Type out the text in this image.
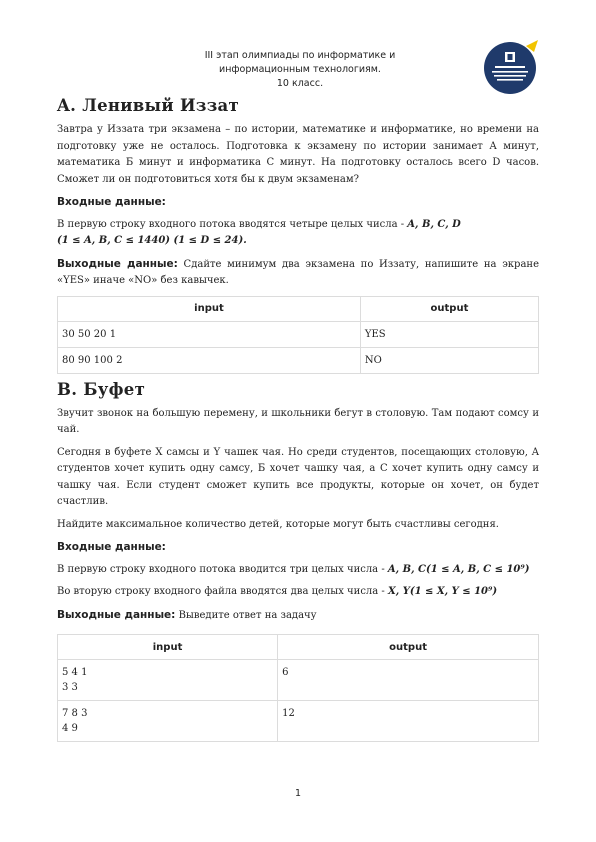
III этап олимпиады по информатике и
информационным технологиям.
10 класс.
A. Ленивый Иззат

Завтра у Иззата три экзамена – по истории, математике и информатике, но времени на подготовку уже не осталось. Подготовка к экзамену по истории занимает A минут, математика Б минут и информатика C минут. На подготовку осталось всего D часов. Сможет ли он подготовиться хотя бы к двум экзаменам?

Входные данные:

В первую строку входного потока вводятся четыре целых числа - A, B, C, D
(1 ≤ A, B, C ≤ 1440) (1 ≤ D ≤ 24).

Выходные данные: Сдайте минимум два экзамена по Иззату, напишите на экране «YES» иначе «NO» без кавычек.

input	output
30 50 20 1	YES
80 90 100 2	NO
B. Буфет

Звучит звонок на большую перемену, и школьники бегут в столовую. Там подают сомсу и чай.

Сегодня в буфете X самсы и Y чашек чая. Но среди студентов, посещающих столовую, A студентов хочет купить одну самсу, Б хочет чашку чая, а C хочет купить одну самсу и чашку чая. Если студент сможет купить все продукты, которые он хочет, он будет счастлив.

Найдите максимальное количество детей, которые могут быть счастливы сегодня.

Входные данные:

В первую строку входного потока вводится три целых числа - A, B, C(1 ≤ A, B, C ≤ 10⁹)

Во вторую строку входного файла вводятся два целых числа - X, Y(1 ≤ X, Y ≤ 10⁹)

Выходные данные: Выведите ответ на задачу

input	output
5 4 1
3 3	6
7 8 3
4 9	12
1
